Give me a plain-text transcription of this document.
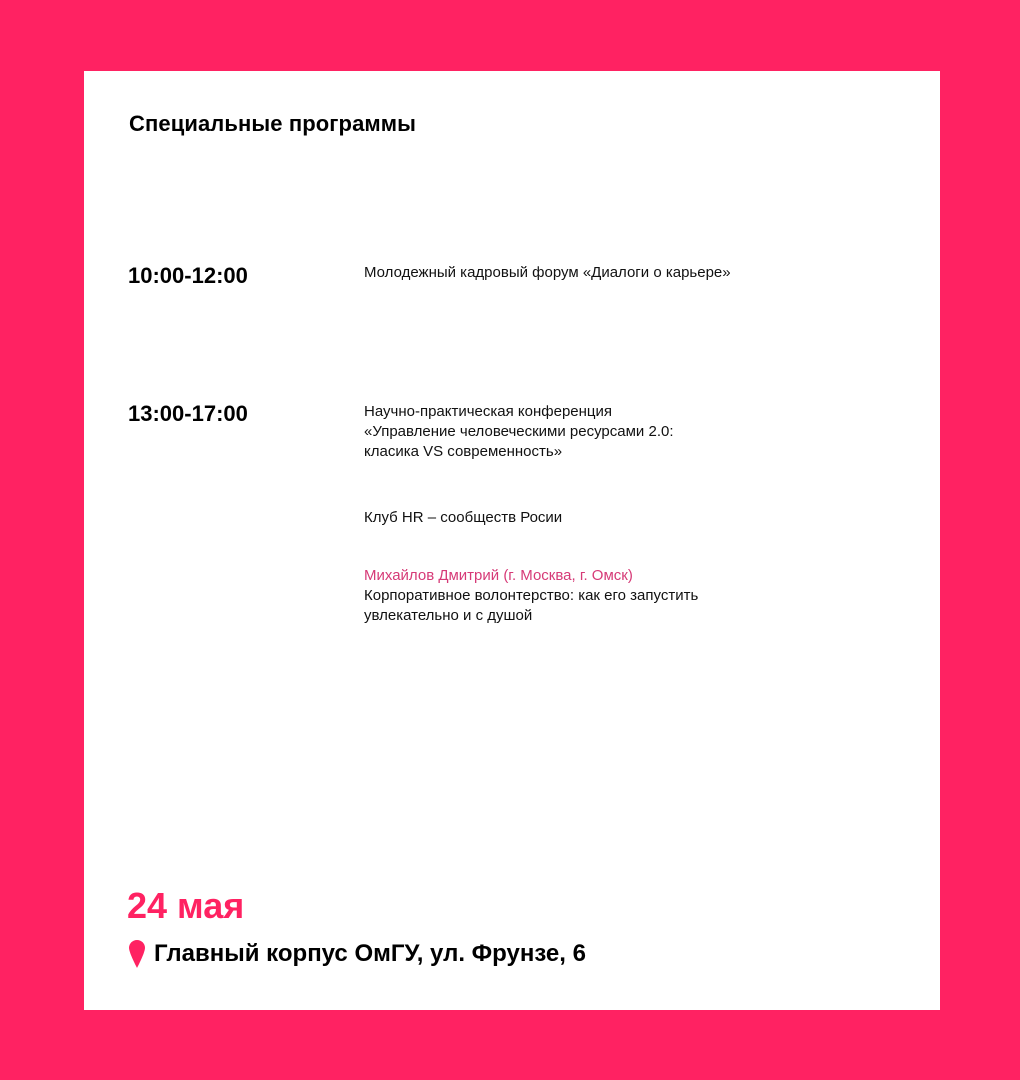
Специальные программы
10:00-12:00	Молодежный кадровый форум «Диалоги о карьере»
13:00-17:00	Научно-практическая конференция
«Управление человеческими ресурсами 2.0:
класика VS современность»
Клуб HR – сообществ Росии
Михайлов Дмитрий (г. Москва, г. Омск)
Корпоративное волонтерство: как его запустить
увлекательно и с душой
24 мая
Главный корпус ОмГУ, ул. Фрунзе, 6
